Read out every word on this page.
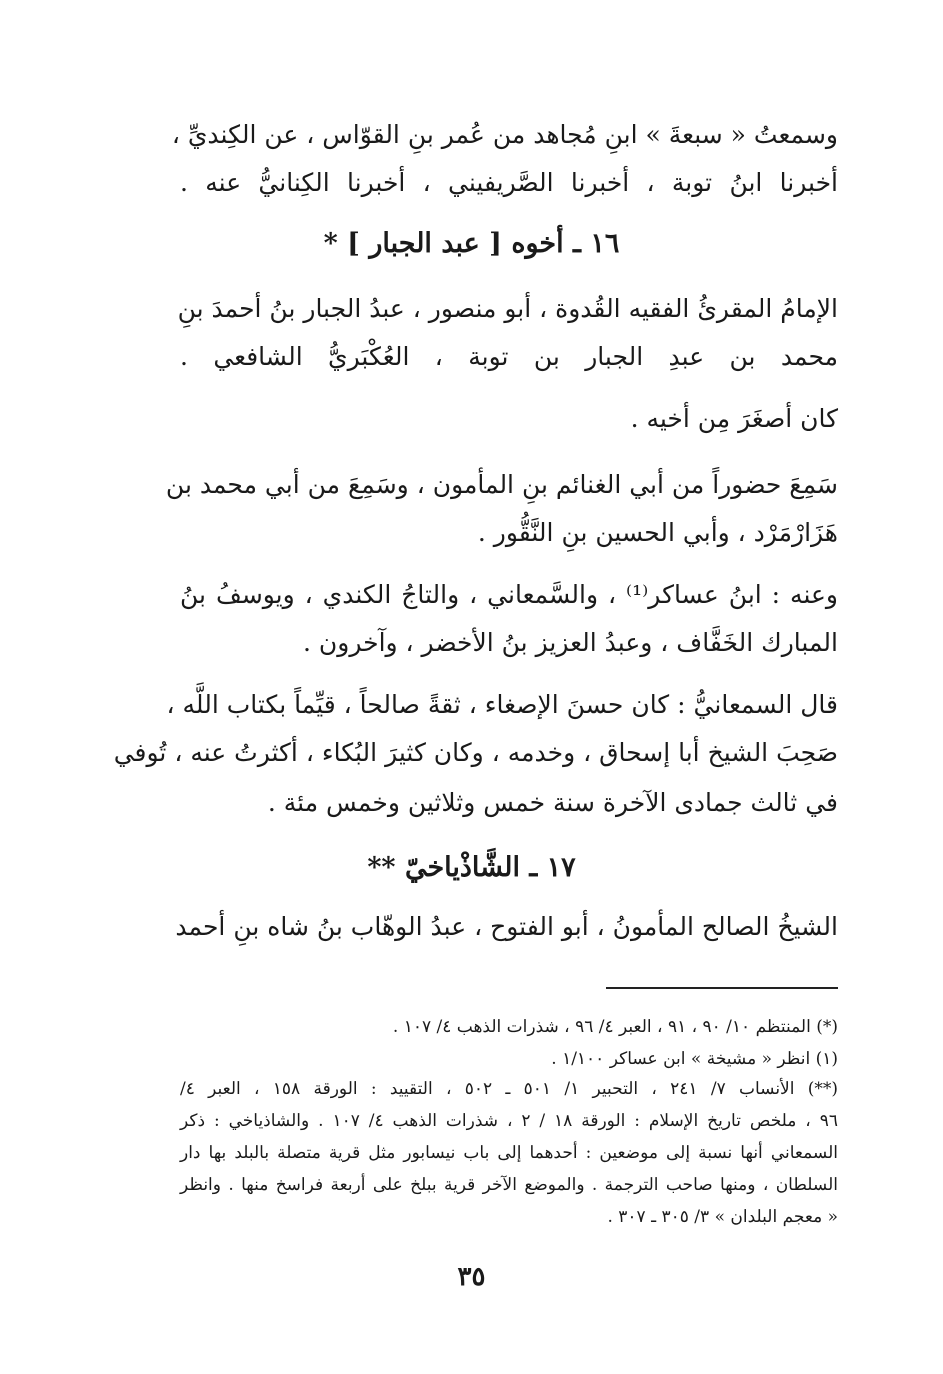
وسمعتُ « سبعةَ » ابنِ مُجاهد من عُمر بنِ القوّاس ، عن الكِنديِّ ،
أخبرنا ابنُ توبة ، أخبرنا الصَّريفيني ، أخبرنا الكِنانيُّ عنه .
١٦ ـ أخوه [ عبد الجبار ] *
الإمامُ المقرئُ الفقيه القُدوة ، أبو منصور ، عبدُ الجبار بنُ أحمدَ بنِ
محمد بن عبدِ الجبار بن توبة ، العُكْبَريُّ الشافعي .
كان أصغَرَ مِن أخيه .
سَمِعَ حضوراً من أبي الغنائم بنِ المأمون ، وسَمِعَ من أبي محمد بن
هَزَارْمَرْد ، وأبي الحسين بنِ النَّقُّور .
وعنه : ابنُ عساكر⁽¹⁾ ، والسَّمعاني ، والتاجُ الكندي ، ويوسفُ بنُ
المبارك الخَفَّاف ، وعبدُ العزيز بنُ الأخضر ، وآخرون .
قال السمعانيُّ : كان حسنَ الإصغاء ، ثقةً صالحاً ، قيِّماً بكتاب اللَّه ،
صَحِبَ الشيخ أبا إسحاق ، وخدمه ، وكان كثيرَ البُكاء ، أكثرتُ عنه ، تُوفي
في ثالث جمادى الآخرة سنة خمس وثلاثين وخمس مئة .
١٧ ـ الشَّاذْياخيّ **
الشيخُ الصالح المأمونُ ، أبو الفتوح ، عبدُ الوهّاب بنُ شاه بنِ أحمد
(*) المنتظم ١٠/ ٩٠ ، ٩١ ، العبر ٤/ ٩٦ ، شذرات الذهب ٤/ ١٠٧ .
(١) انظر « مشيخة » ابن عساكر ١/١٠٠ .
(**) الأنساب ٧/ ٢٤١ ، التحبير ١/ ٥٠١ ـ ٥٠٢ ، التقييد : الورقة ١٥٨ ، العبر ٤/
٩٦ ، ملخص تاريخ الإسلام : الورقة ١٨ / ٢ ، شذرات الذهب ٤/ ١٠٧ . والشاذياخي : ذكر
السمعاني أنها نسبة إلى موضعين : أحدهما إلى باب نيسابور مثل قرية متصلة بالبلد بها دار
السلطان ، ومنها صاحب الترجمة . والموضع الآخر قرية ببلخ على أربعة فراسخ منها . وانظر
« معجم البلدان » ٣/ ٣٠٥ ـ ٣٠٧ .
٣٥
